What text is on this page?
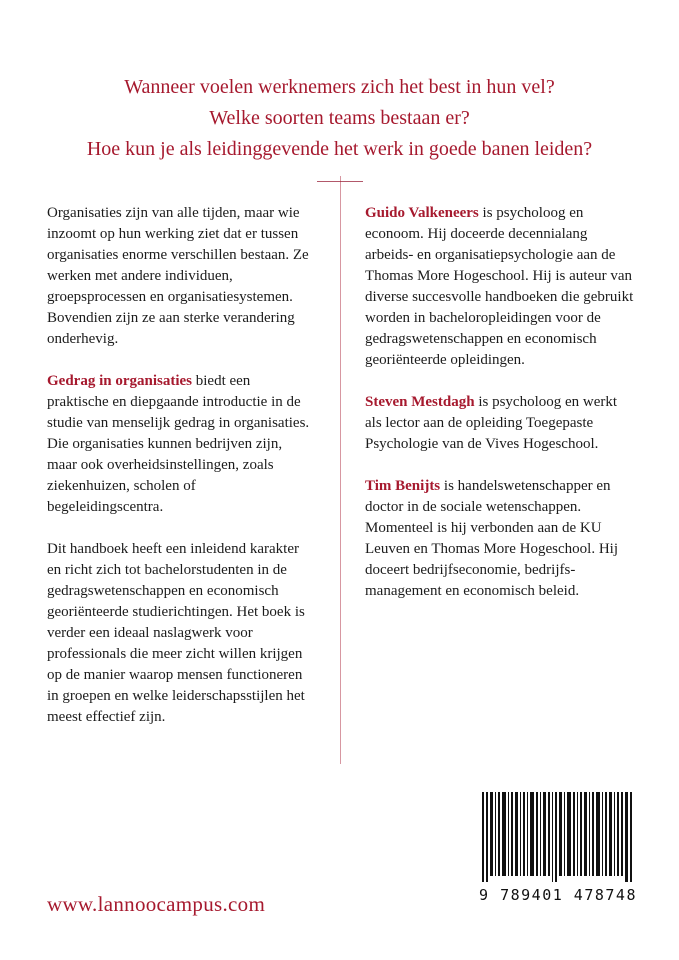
Wanneer voelen werknemers zich het best in hun vel?
Welke soorten teams bestaan er?
Hoe kun je als leidinggevende het werk in goede banen leiden?

Organisaties zijn van alle tijden, maar wie inzoomt op hun werking ziet dat er tussen organisaties enorme verschillen bestaan. Ze werken met andere individuen, groepsprocessen en organisatiesystemen. Bovendien zijn ze aan sterke verandering onderhevig.

Gedrag in organisaties biedt een praktische en diepgaande introductie in de studie van menselijk gedrag in organisaties. Die organisaties kunnen bedrijven zijn, maar ook overheidsinstellingen, zoals ziekenhuizen, scholen of begeleidingscentra.

Dit handboek heeft een inleidend karakter en richt zich tot bachelorstudenten in de gedragswetenschappen en economisch georiënteerde studierichtingen. Het boek is verder een ideaal naslagwerk voor professionals die meer zicht willen krijgen op de manier waarop mensen functioneren in groepen en welke leiderschapsstijlen het meest effectief zijn.

Guido Valkeneers is psycholoog en econoom. Hij doceerde decennialang arbeids- en organisatiepsychologie aan de Thomas More Hogeschool. Hij is auteur van diverse succesvolle handboeken die gebruikt worden in bacheloropleidingen voor de gedragswetenschappen en economisch georiënteerde opleidingen.

Steven Mestdagh is psycholoog en werkt als lector aan de opleiding Toegepaste Psychologie van de Vives Hogeschool.

Tim Benijts is handelswetenschapper en doctor in de sociale wetenschappen. Momenteel is hij verbonden aan de KU Leuven en Thomas More Hogeschool. Hij doceert bedrijfseconomie, bedrijfs-management en economisch beleid.

www.lannoocampus.com	9 789401 478748
